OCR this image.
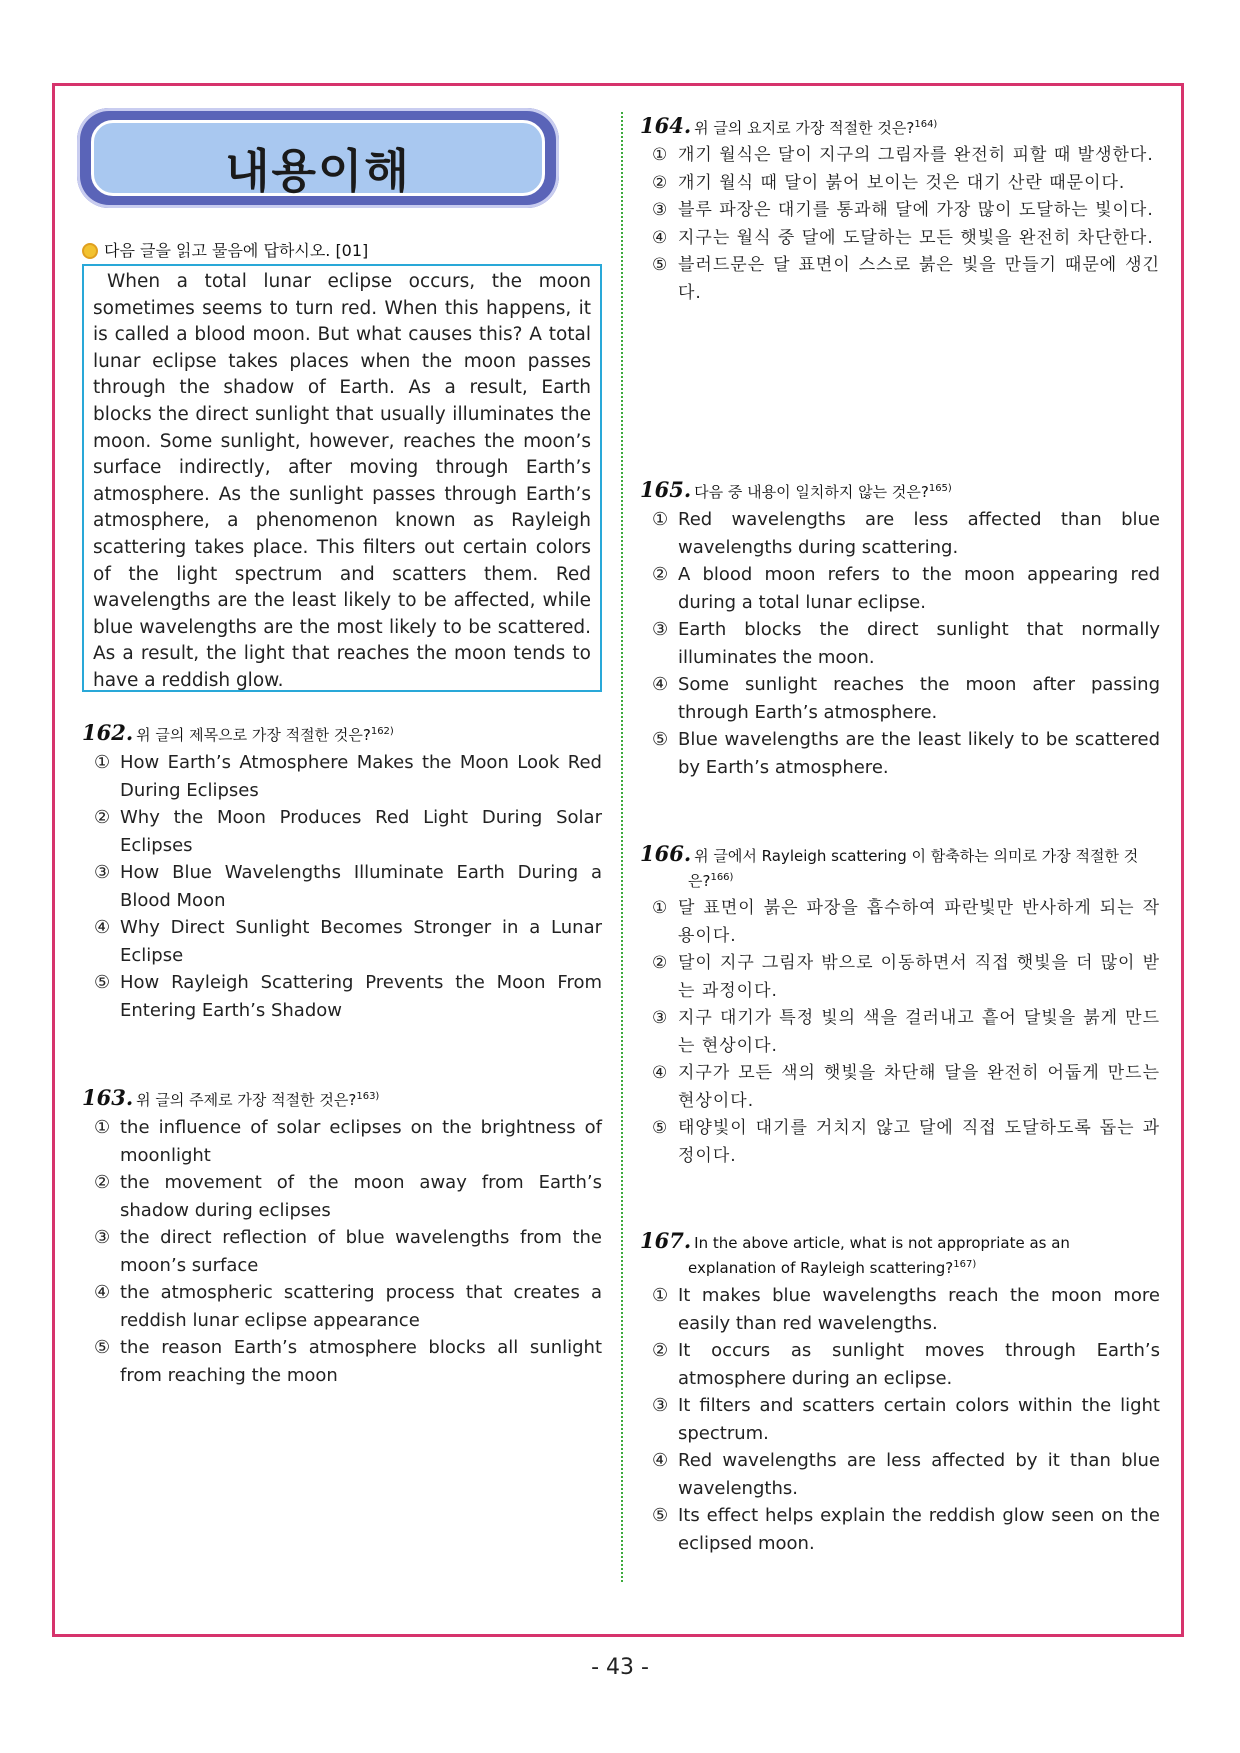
내용이해
다음 글을 읽고 물음에 답하시오. [01]
When a total lunar eclipse occurs, the moon sometimes seems to turn red. When this happens, it is called a blood moon. But what causes this? A total lunar eclipse takes places when the moon passes through the shadow of Earth. As a result, Earth blocks the direct sunlight that usually illuminates the moon. Some sunlight, however, reaches the moon’s surface indirectly, after moving through Earth’s atmosphere. As the sunlight passes through Earth’s atmosphere, a phenomenon known as Rayleigh scattering takes place. This filters out certain colors of the light spectrum and scatters them. Red wavelengths are the least likely to be affected, while blue wavelengths are the most likely to be scattered. As a result, the light that reaches the moon tends to have a reddish glow.
162. 위 글의 제목으로 가장 적절한 것은?$^{162)}$
① How Earth’s Atmosphere Makes the Moon Look Red During Eclipses
② Why the Moon Produces Red Light During Solar Eclipses
③ How Blue Wavelengths Illuminate Earth During a Blood Moon
④ Why Direct Sunlight Becomes Stronger in a Lunar Eclipse
⑤ How Rayleigh Scattering Prevents the Moon From Entering Earth’s Shadow
163. 위 글의 주제로 가장 적절한 것은?$^{163)}$
① the influence of solar eclipses on the brightness of moonlight
② the movement of the moon away from Earth’s shadow during eclipses
③ the direct reflection of blue wavelengths from the moon’s surface
④ the atmospheric scattering process that creates a reddish lunar eclipse appearance
⑤ the reason Earth’s atmosphere blocks all sunlight from reaching the moon
164. 위 글의 요지로 가장 적절한 것은?$^{164)}$
① 개기 월식은 달이 지구의 그림자를 완전히 피할 때 발생한다.
② 개기 월식 때 달이 붉어 보이는 것은 대기 산란 때문이다.
③ 블루 파장은 대기를 통과해 달에 가장 많이 도달하는 빛이다.
④ 지구는 월식 중 달에 도달하는 모든 햇빛을 완전히 차단한다.
⑤ 블러드문은 달 표면이 스스로 붉은 빛을 만들기 때문에 생긴다.
165. 다음 중 내용이 일치하지 않는 것은?$^{165)}$
① Red wavelengths are less affected than blue wavelengths during scattering.
② A blood moon refers to the moon appearing red during a total lunar eclipse.
③ Earth blocks the direct sunlight that normally illuminates the moon.
④ Some sunlight reaches the moon after passing through Earth’s atmosphere.
⑤ Blue wavelengths are the least likely to be scattered by Earth’s atmosphere.
166. 위 글에서 Rayleigh scattering 이 함축하는 의미로 가장 적절한 것은?$^{166)}$
① 달 표면이 붉은 파장을 흡수하여 파란빛만 반사하게 되는 작용이다.
② 달이 지구 그림자 밖으로 이동하면서 직접 햇빛을 더 많이 받는 과정이다.
③ 지구 대기가 특정 빛의 색을 걸러내고 흩어 달빛을 붉게 만드는 현상이다.
④ 지구가 모든 색의 햇빛을 차단해 달을 완전히 어둡게 만드는 현상이다.
⑤ 태양빛이 대기를 거치지 않고 달에 직접 도달하도록 돕는 과정이다.
167. In the above article, what is not appropriate as an explanation of Rayleigh scattering?$^{167)}$
① It makes blue wavelengths reach the moon more easily than red wavelengths.
② It occurs as sunlight moves through Earth’s atmosphere during an eclipse.
③ It filters and scatters certain colors within the light spectrum.
④ Red wavelengths are less affected by it than blue wavelengths.
⑤ Its effect helps explain the reddish glow seen on the eclipsed moon.
- 43 -
